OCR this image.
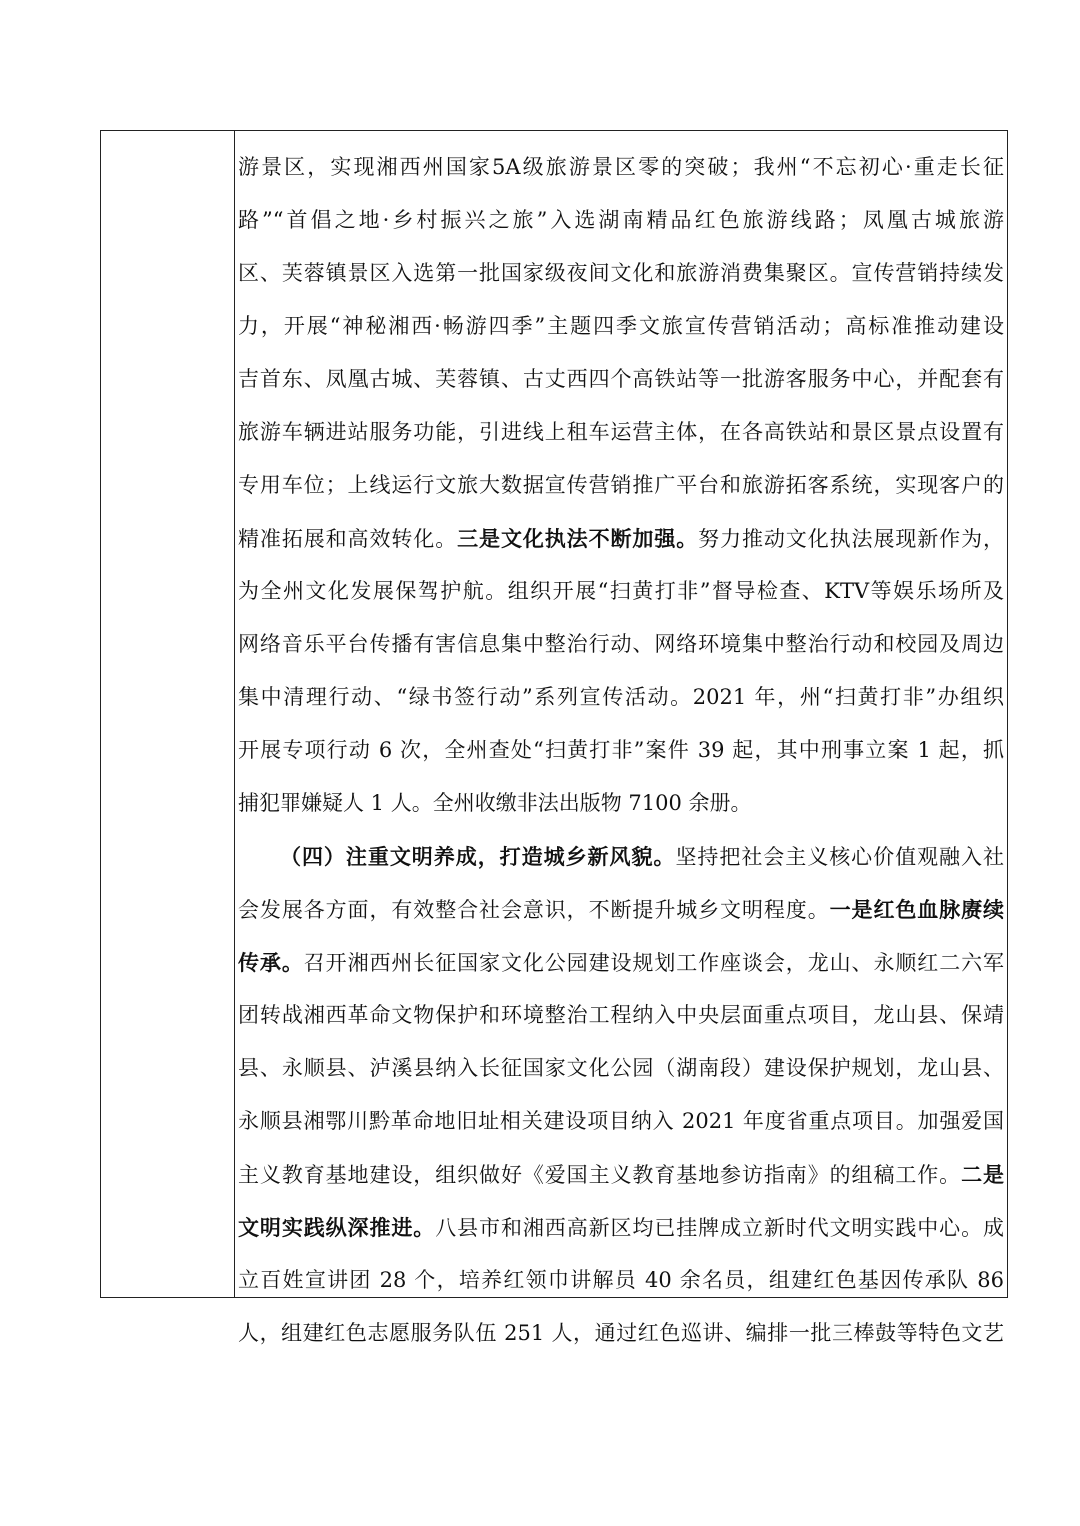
游景区，实现湘西州国家5A级旅游景区零的突破；我州“不忘初心·重走长征
路”“首倡之地·乡村振兴之旅”入选湖南精品红色旅游线路；凤凰古城旅游
区、芙蓉镇景区入选第一批国家级夜间文化和旅游消费集聚区。宣传营销持续发
力，开展“神秘湘西·畅游四季”主题四季文旅宣传营销活动；高标准推动建设
吉首东、凤凰古城、芙蓉镇、古丈西四个高铁站等一批游客服务中心，并配套有
旅游车辆进站服务功能，引进线上租车运营主体，在各高铁站和景区景点设置有
专用车位；上线运行文旅大数据宣传营销推广平台和旅游拓客系统，实现客户的
精准拓展和高效转化。三是文化执法不断加强。努力推动文化执法展现新作为，
为全州文化发展保驾护航。组织开展“扫黄打非”督导检查、KTV等娱乐场所及
网络音乐平台传播有害信息集中整治行动、网络环境集中整治行动和校园及周边
集中清理行动、“绿书签行动”系列宣传活动。2021 年，州“扫黄打非”办组织
开展专项行动 6 次，全州查处“扫黄打非”案件 39 起，其中刑事立案 1 起，抓
捕犯罪嫌疑人 1 人。全州收缴非法出版物 7100 余册。
（四）注重文明养成，打造城乡新风貌。坚持把社会主义核心价值观融入社
会发展各方面，有效整合社会意识，不断提升城乡文明程度。一是红色血脉赓续
传承。召开湘西州长征国家文化公园建设规划工作座谈会，龙山、永顺红二六军
团转战湘西革命文物保护和环境整治工程纳入中央层面重点项目，龙山县、保靖
县、永顺县、泸溪县纳入长征国家文化公园（湖南段）建设保护规划，龙山县、
永顺县湘鄂川黔革命地旧址相关建设项目纳入 2021 年度省重点项目。加强爱国
主义教育基地建设，组织做好《爱国主义教育基地参访指南》的组稿工作。二是
文明实践纵深推进。八县市和湘西高新区均已挂牌成立新时代文明实践中心。成
立百姓宣讲团 28 个，培养红领巾讲解员 40 余名员，组建红色基因传承队 86
人，组建红色志愿服务队伍 251 人，通过红色巡讲、编排一批三棒鼓等特色文艺
